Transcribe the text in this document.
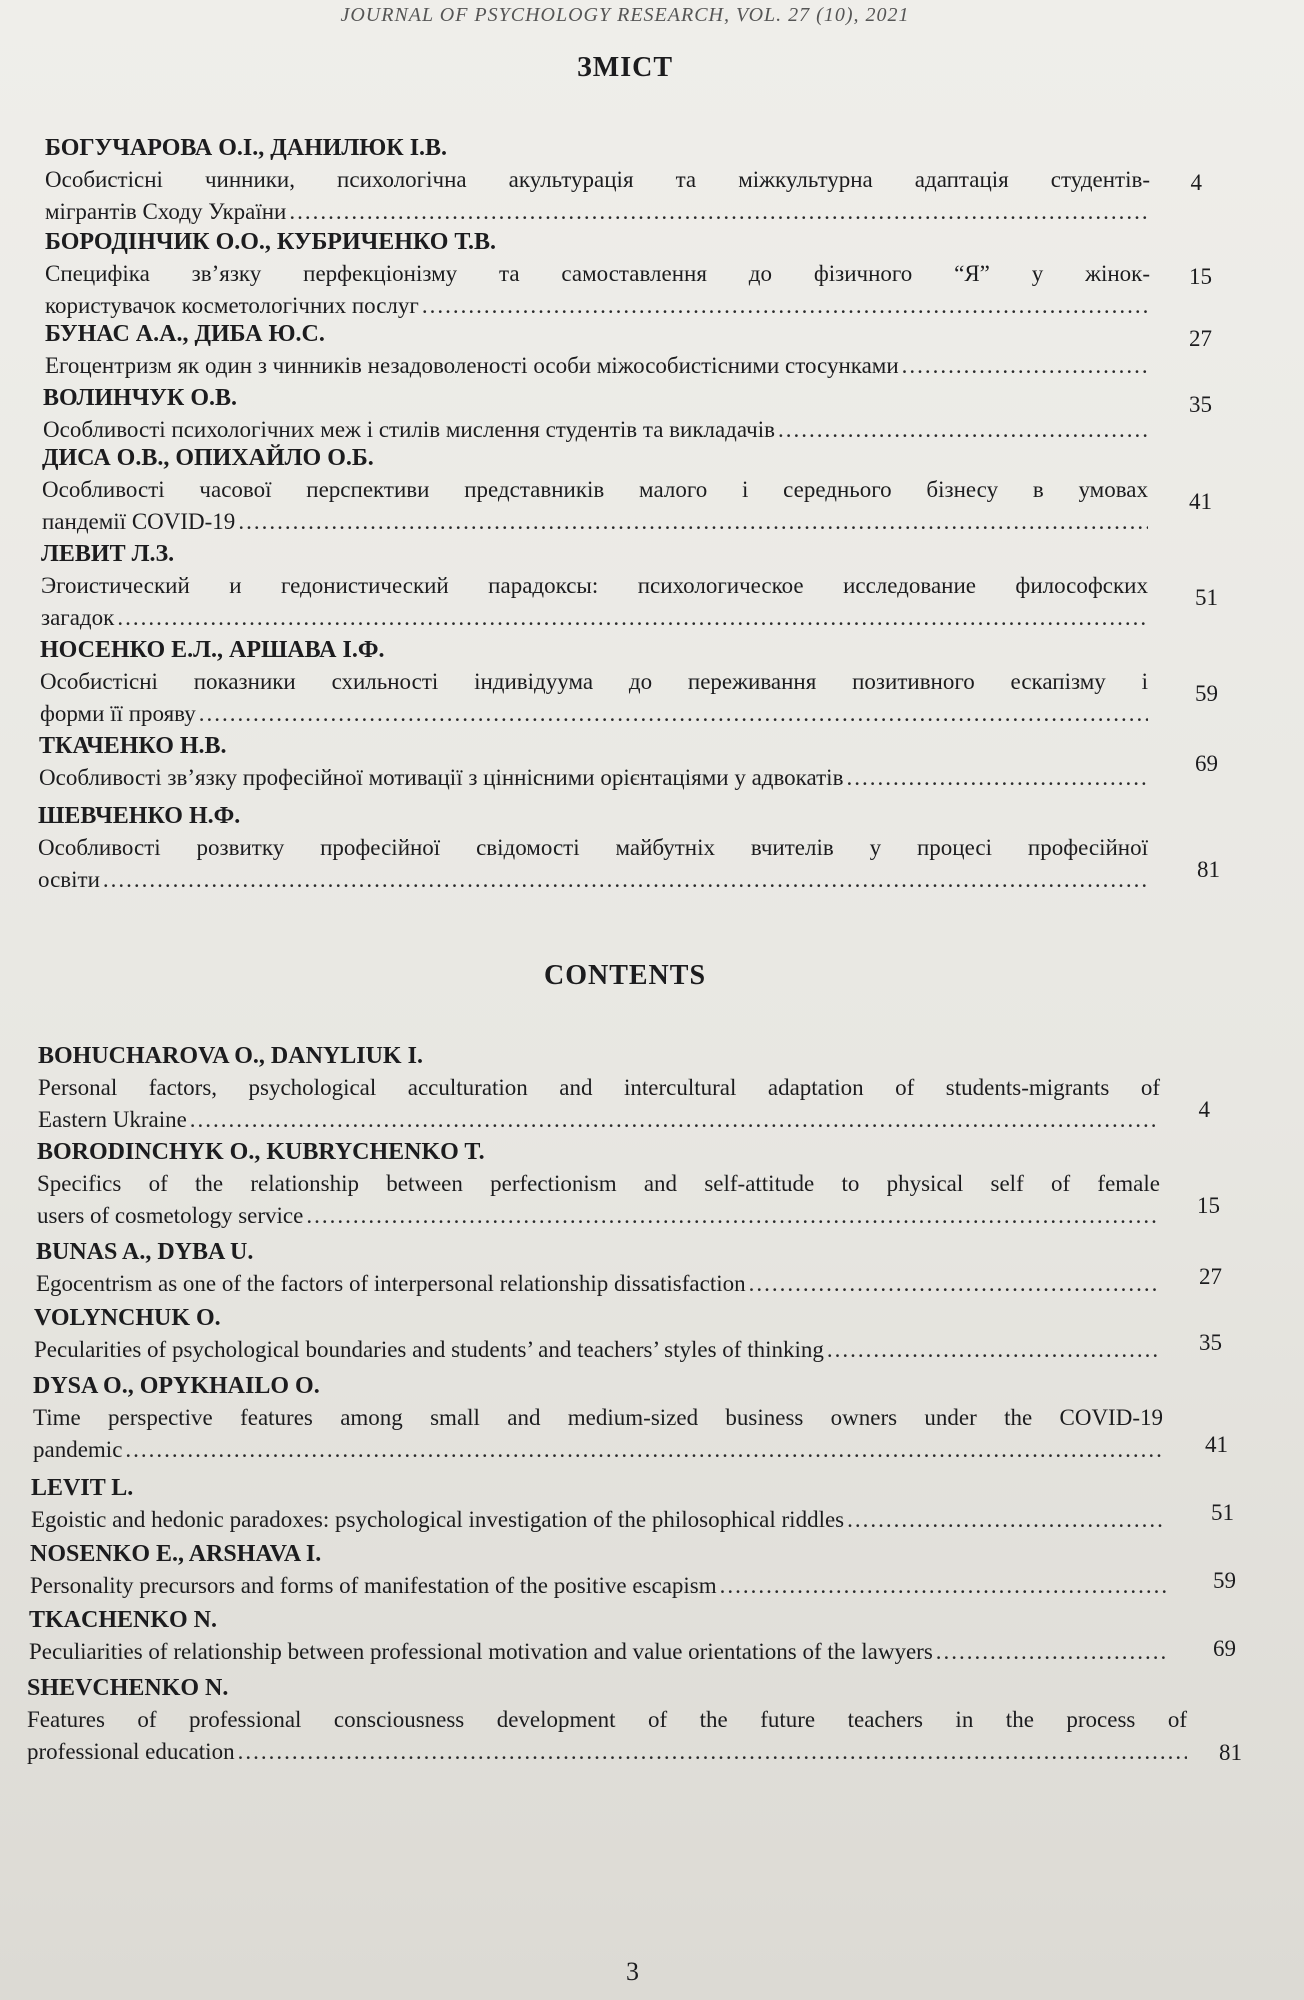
JOURNAL OF PSYCHOLOGY RESEARCH, VOL. 27 (10), 2021
ЗМІСТ
БОГУЧАРОВА О.І., ДАНИЛЮК І.В.
Особистісні чинники, психологічна акультурація та міжкультурна адаптація студентів-
мігрантів Сходу України
.....
4
БОРОДІНЧИК О.О., КУБРИЧЕНКО Т.В.
Специфіка зв’язку перфекціонізму та самоставлення до фізичного “Я” у жінок-
користувачок косметологічних послуг
.....
15
БУНАС А.А., ДИБА Ю.С.
Егоцентризм як один з чинників незадоволеності особи міжособистісними стосунками
.....
27
ВОЛИНЧУК О.В.
Особливості психологічних меж і стилів мислення студентів та викладачів
.....
35
ДИСА О.В., ОПИХАЙЛО О.Б.
Особливості часової перспективи представників малого і середнього бізнесу в умовах
пандемії COVID-19
.....
41
ЛЕВИТ Л.З.
Эгоистический и гедонистический парадоксы: психологическое исследование философских
загадок
.....
51
НОСЕНКО Е.Л., АРШАВА І.Ф.
Особистісні показники схильності індивідуума до переживання позитивного ескапізму і
форми її прояву
.....
59
ТКАЧЕНКО Н.В.
Особливості зв’язку професійної мотивації з ціннісними орієнтаціями у адвокатів
.....
69
ШЕВЧЕНКО Н.Ф.
Особливості розвитку професійної свідомості майбутніх вчителів у процесі професійної
освіти .....	81
CONTENTS
BOHUCHAROVA O., DANYLIUK I.
Personal factors, psychological acculturation and intercultural adaptation of students-migrants of
Eastern Ukraine .....	4
BORODINCHYK O., KUBRYCHENKO T.
Specifics of the relationship between perfectionism and self-attitude to physical self of female
users of cosmetology service .....	15
BUNAS A., DYBA U.
Egocentrism as one of the factors of interpersonal relationship dissatisfaction .....	27
VOLYNCHUK O.
Pecularities of psychological boundaries and students’ and teachers’ styles of thinking .....	35
DYSA O., OPYKHAILO O.
Time perspective features among small and medium-sized business owners under the COVID-19
pandemic .....	41
LEVIT L.
Egoistic and hedonic paradoxes: psychological investigation of the philosophical riddles .....	51
NOSENKO E., ARSHAVA I.
Personality precursors and forms of manifestation of the positive escapism .....	59
TKACHENKO N.
Peculiarities of relationship between professional motivation and value orientations of the lawyers .....	69
SHEVCHENKO N.
Features of professional consciousness development of the future teachers in the process of
professional education .....	81
3
